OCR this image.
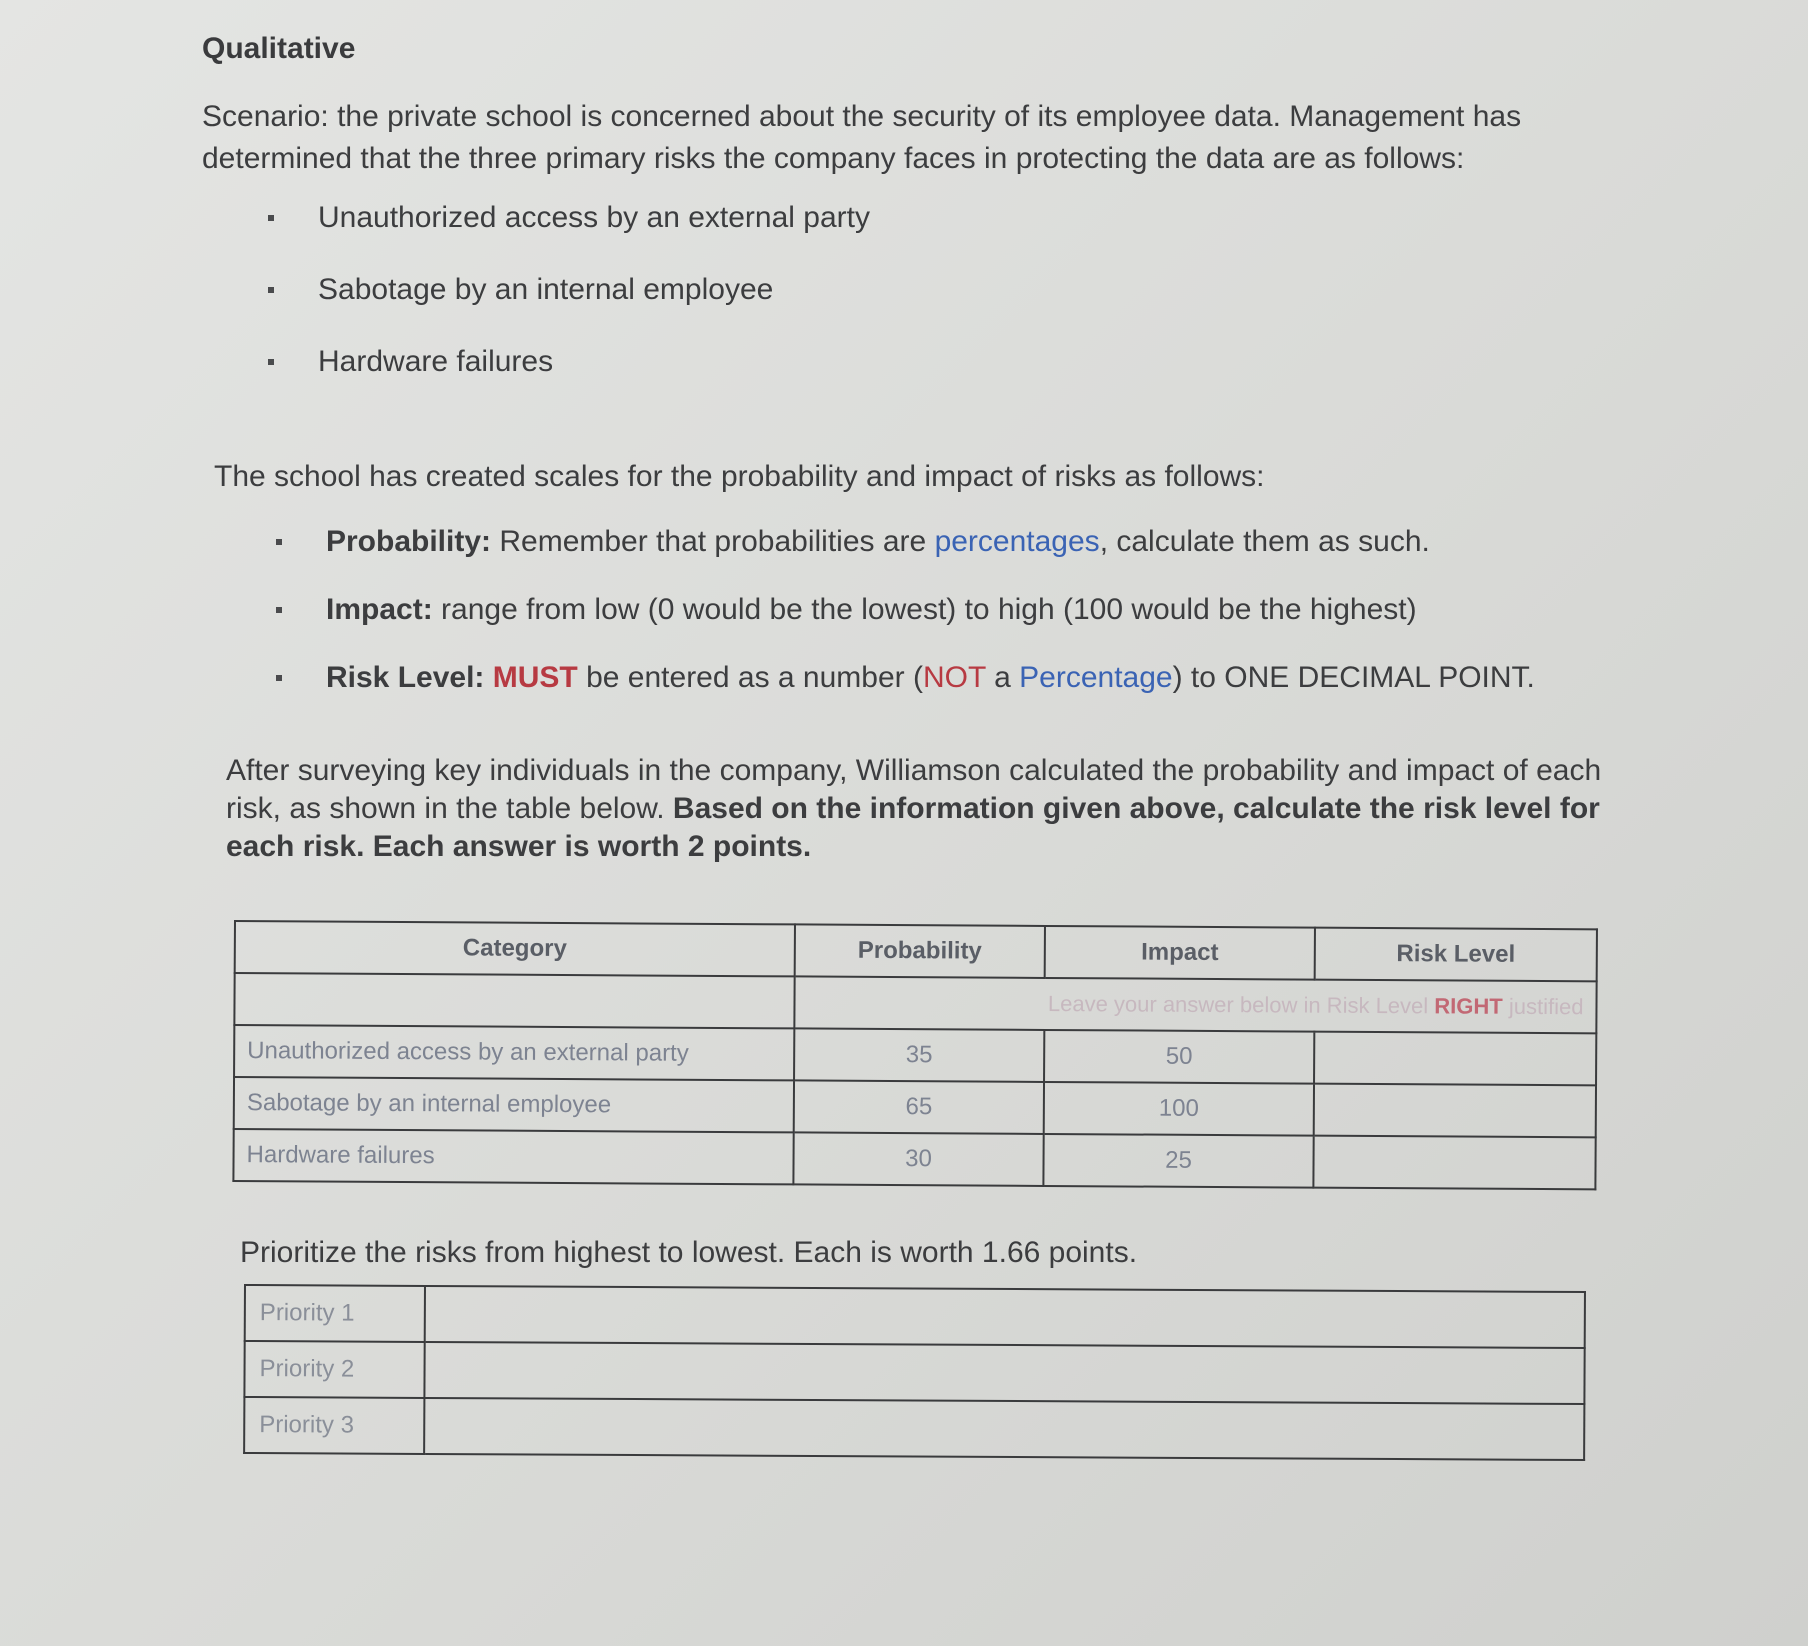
Qualitative
Scenario: the private school is concerned about the security of its employee data. Management has determined that the three primary risks the company faces in protecting the data are as follows:
Unauthorized access by an external party
Sabotage by an internal employee
Hardware failures
The school has created scales for the probability and impact of risks as follows:
Probability: Remember that probabilities are percentages, calculate them as such.
Impact: range from low (0 would be the lowest) to high (100 would be the highest)
Risk Level: MUST be entered as a number (NOT a Percentage) to ONE DECIMAL POINT.
After surveying key individuals in the company, Williamson calculated the probability and impact of each risk, as shown in the table below. Based on the information given above, calculate the risk level for each risk. Each answer is worth 2 points.
Category	Probability	Impact	Risk Level
	Leave your answer below in Risk Level RIGHT justified		
Unauthorized access by an external party	35	50	
Sabotage by an internal employee	65	100	
Hardware failures	30	25	
Prioritize the risks from highest to lowest. Each is worth 1.66 points.
Priority 1	
Priority 2	
Priority 3	
